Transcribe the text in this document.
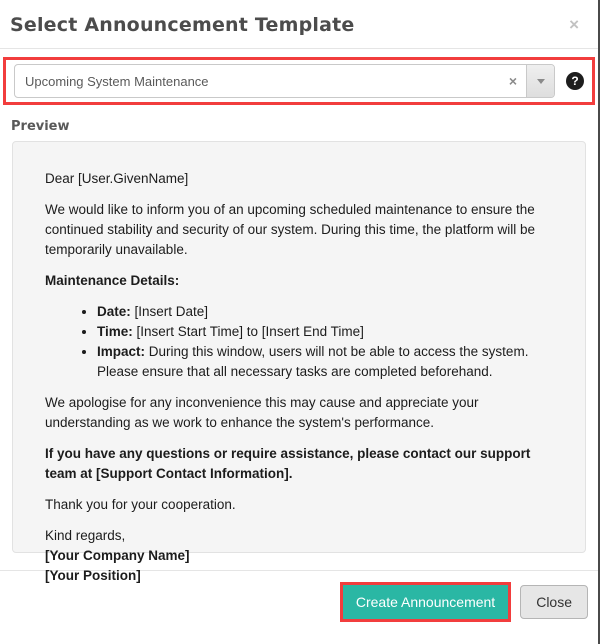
Select Announcement Template	×
Upcoming System Maintenance	×	?
Preview

Dear [User.GivenName]

We would like to inform you of an upcoming scheduled maintenance to ensure the continued stability and security of our system. During this time, the platform will be temporarily unavailable.

Maintenance Details:

• Date: [Insert Date]
• Time: [Insert Start Time] to [Insert End Time]
• Impact: During this window, users will not be able to access the system. Please ensure that all necessary tasks are completed beforehand.

We apologise for any inconvenience this may cause and appreciate your understanding as we work to enhance the system's performance.

If you have any questions or require assistance, please contact our support team at [Support Contact Information].

Thank you for your cooperation.

Kind regards,
[Your Company Name]
[Your Position]
Create Announcement	Close
